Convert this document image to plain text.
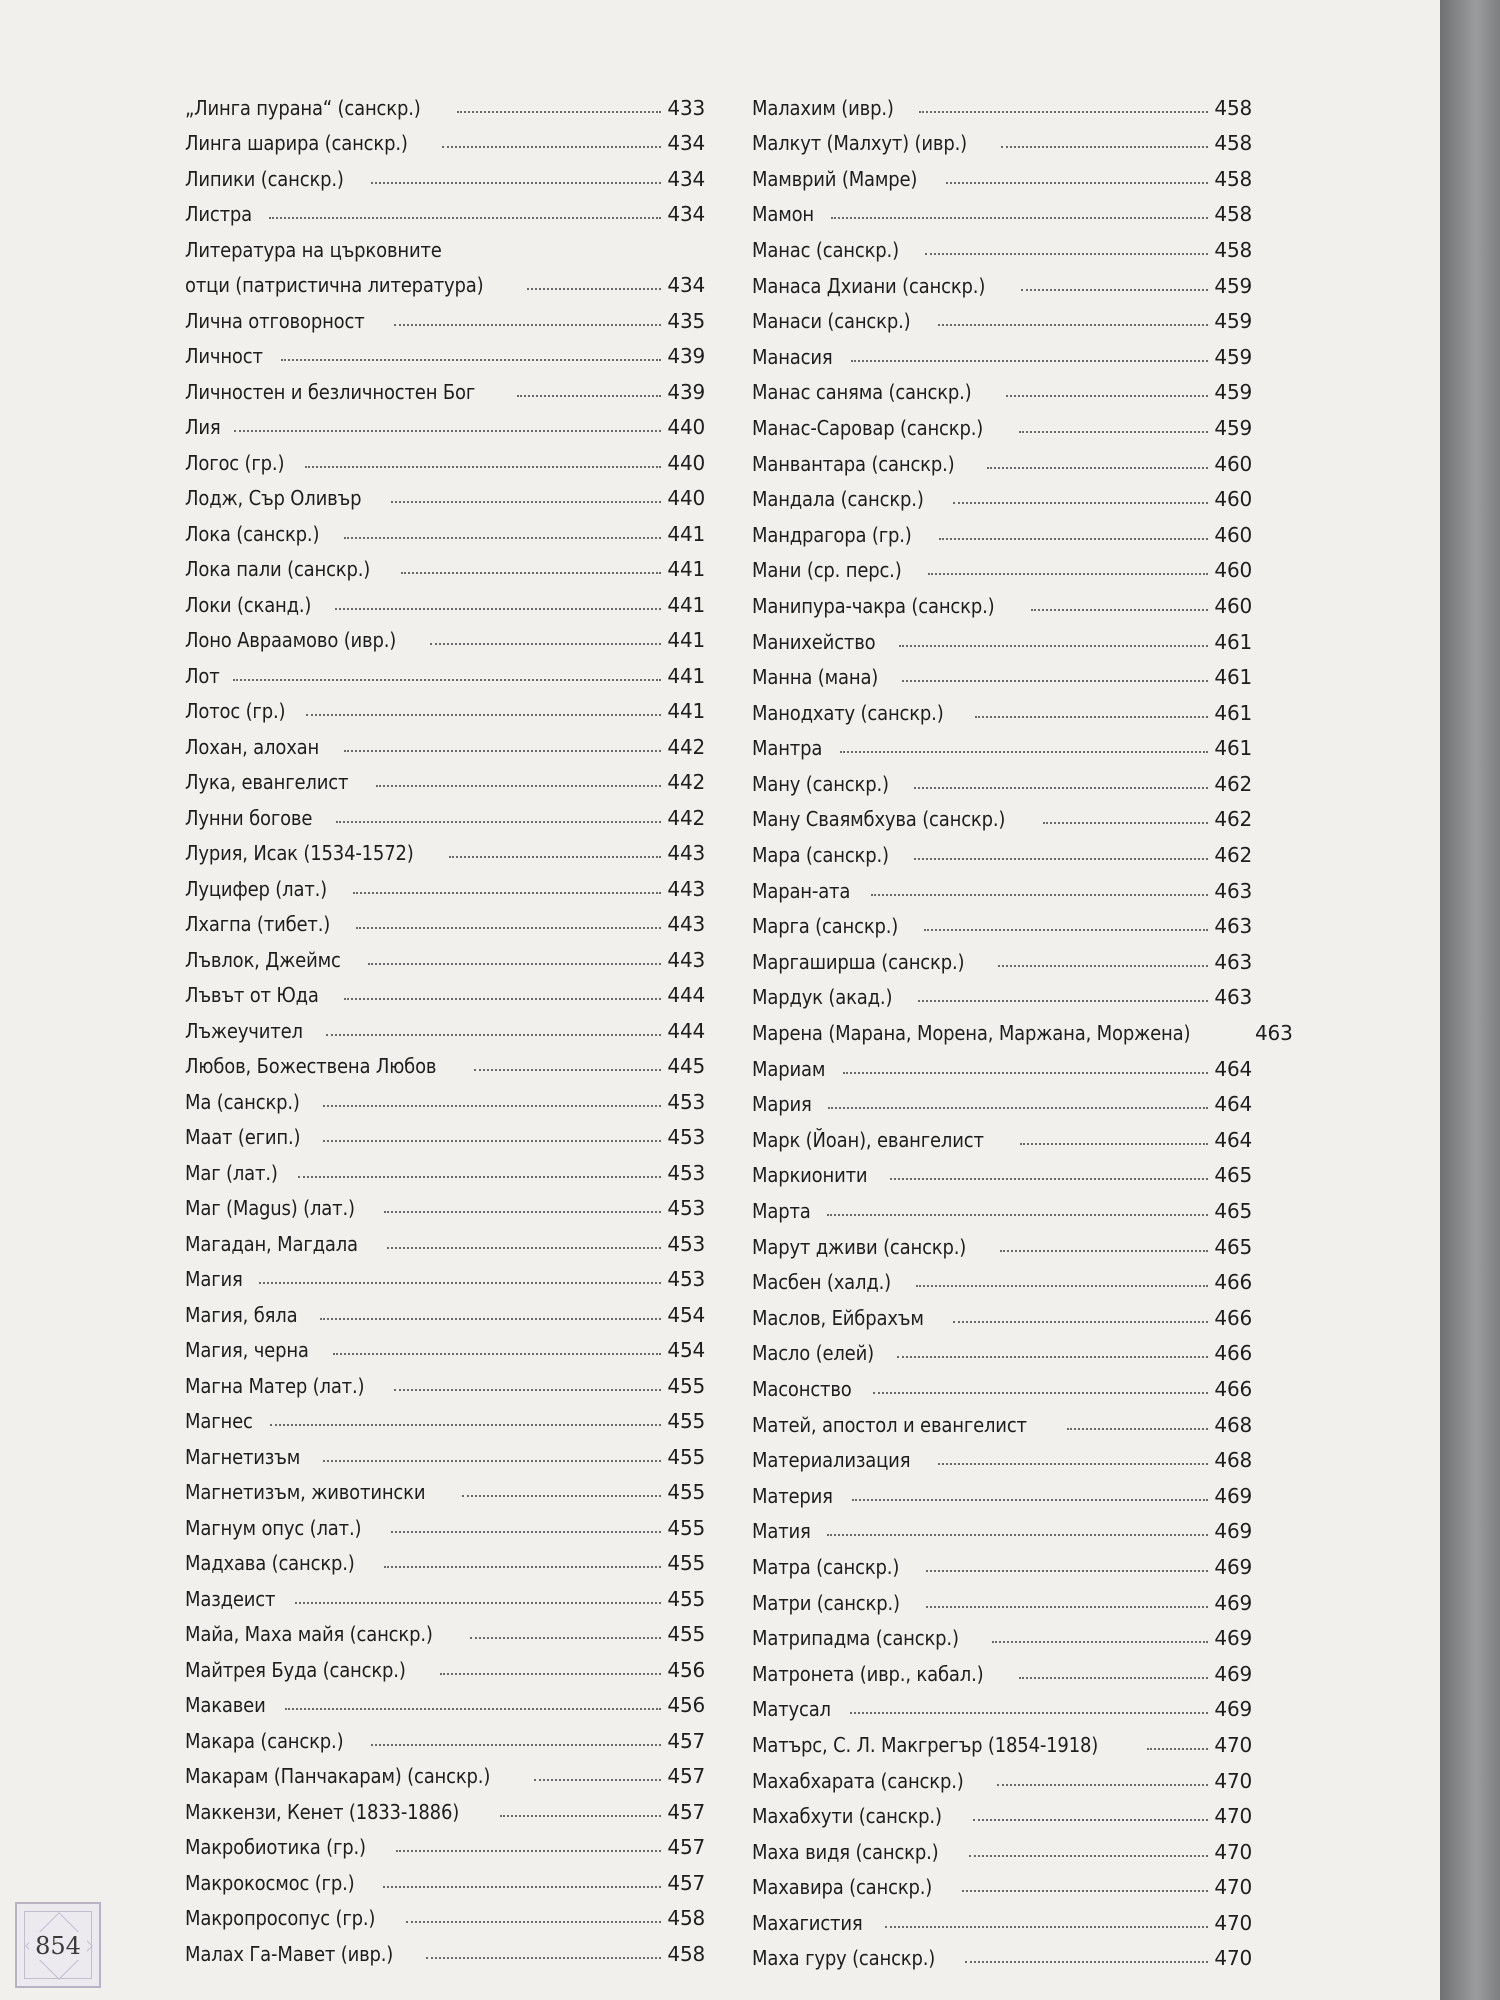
„Линга пурана“ (санскр.)	433
Линга шарира (санскр.)	434
Липики (санскр.)	434
Листра	434
Литература на църковните
отци (патристична литература)	434
Лична отговорност	435
Личност	439
Личностен и безличностен Бог	439
Лия	440
Логос (гр.)	440
Лодж, Сър Оливър	440
Лока (санскр.)	441
Лока пали (санскр.)	441
Локи (сканд.)	441
Лоно Авраамово (ивр.)	441
Лот	441
Лотос (гр.)	441
Лохан, алохан	442
Лука, евангелист	442
Лунни богове	442
Лурия, Исак (1534-1572)	443
Луцифер (лат.)	443
Лхагпа (тибет.)	443
Лъвлок, Джеймс	443
Лъвът от Юда	444
Лъжеучител	444
Любов, Божествена Любов	445
Ма (санскр.)	453
Маат (егип.)	453
Маг (лат.)	453
Маг (Magus) (лат.)	453
Магадан, Магдала	453
Магия	453
Магия, бяла	454
Магия, черна	454
Магна Матер (лат.)	455
Магнес	455
Магнетизъм	455
Магнетизъм, животински	455
Магнум опус (лат.)	455
Мадхава (санскр.)	455
Маздеист	455
Майа, Маха майя (санскр.)	455
Майтрея Буда (санскр.)	456
Макавеи	456
Макара (санскр.)	457
Макарам (Панчакарам) (санскр.)	457
Маккензи, Кенет (1833-1886)	457
Макробиотика (гр.)	457
Макрокосмос (гр.)	457
Макропросопус (гр.)	458
Малах Га-Мавет (ивр.)	458
Малахим (ивр.)	458
Малкут (Малхут) (ивр.)	458
Мамврий (Мамре)	458
Мамон	458
Манас (санскр.)	458
Манаса Дхиани (санскр.)	459
Манаси (санскр.)	459
Манасия	459
Манас саняма (санскр.)	459
Манас-Саровар (санскр.)	459
Манвантара (санскр.)	460
Мандала (санскр.)	460
Мандрагора (гр.)	460
Мани (ср. перс.)	460
Манипура-чакра (санскр.)	460
Манихейство	461
Манна (мана)	461
Манодхату (санскр.)	461
Мантра	461
Ману (санскр.)	462
Ману Сваямбхува (санскр.)	462
Мара (санскр.)	462
Маран-ата	463
Марга (санскр.)	463
Маргаширша (санскр.)	463
Мардук (акад.)	463
Марена (Марана, Морена, Маржана, Моржена)	463
Мариам	464
Мария	464
Марк (Йоан), евангелист	464
Маркионити	465
Марта	465
Марут дживи (санскр.)	465
Масбен (халд.)	466
Маслов, Ейбрахъм	466
Масло (елей)	466
Масонство	466
Матей, апостол и евангелист	468
Материализация	468
Материя	469
Матия	469
Матра (санскр.)	469
Матри (санскр.)	469
Матрипадма (санскр.)	469
Матронета (ивр., кабал.)	469
Матусал	469
Матърс, С. Л. Макгрегър (1854-1918)	470
Махабхарата (санскр.)	470
Махабхути (санскр.)	470
Маха видя (санскр.)	470
Махавира (санскр.)	470
Махагистия	470
Маха гуру (санскр.)	470
854
